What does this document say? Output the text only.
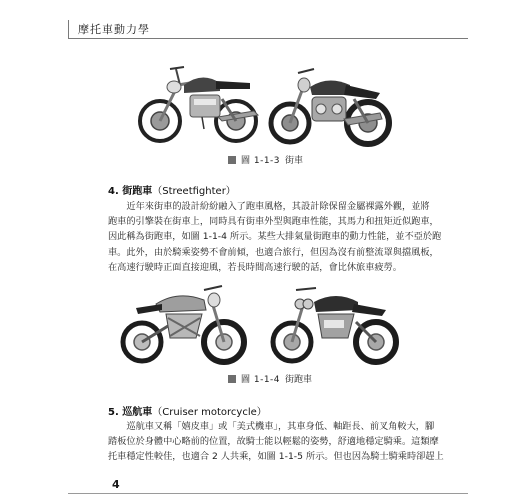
摩托車動力學
圖 1-1-3 街車
4. 街跑車（Streetfighter）

近年來街車的設計紛紛融入了跑車風格，其設計除保留金屬裸露外觀，並將

跑車的引擎裝在街車上，同時具有街車外型與跑車性能，其馬力和扭矩近似跑車，

因此稱為街跑車，如圖 1-1-4 所示。某些大排氣量街跑車的動力性能，並不亞於跑

車。此外，由於騎乘姿勢不會前傾，也適合旅行，但因為沒有前整流罩與擋風板，

在高速行駛時正面直接迎風，若長時間高速行駛的話，會比休旅車疲勞。

圖 1-1-4 街跑車
5. 巡航車（Cruiser motorcycle）

巡航車又稱「嬉皮車」或「美式機車」，其車身低、軸距長、前叉角較大，腳

踏板位於身體中心略前的位置，故騎士能以輕鬆的姿勢，舒適地穩定騎乘。這類摩

托車穩定性較佳，也適合 2 人共乘，如圖 1-1-5 所示。但也因為騎士騎乘時卻趕上

4
